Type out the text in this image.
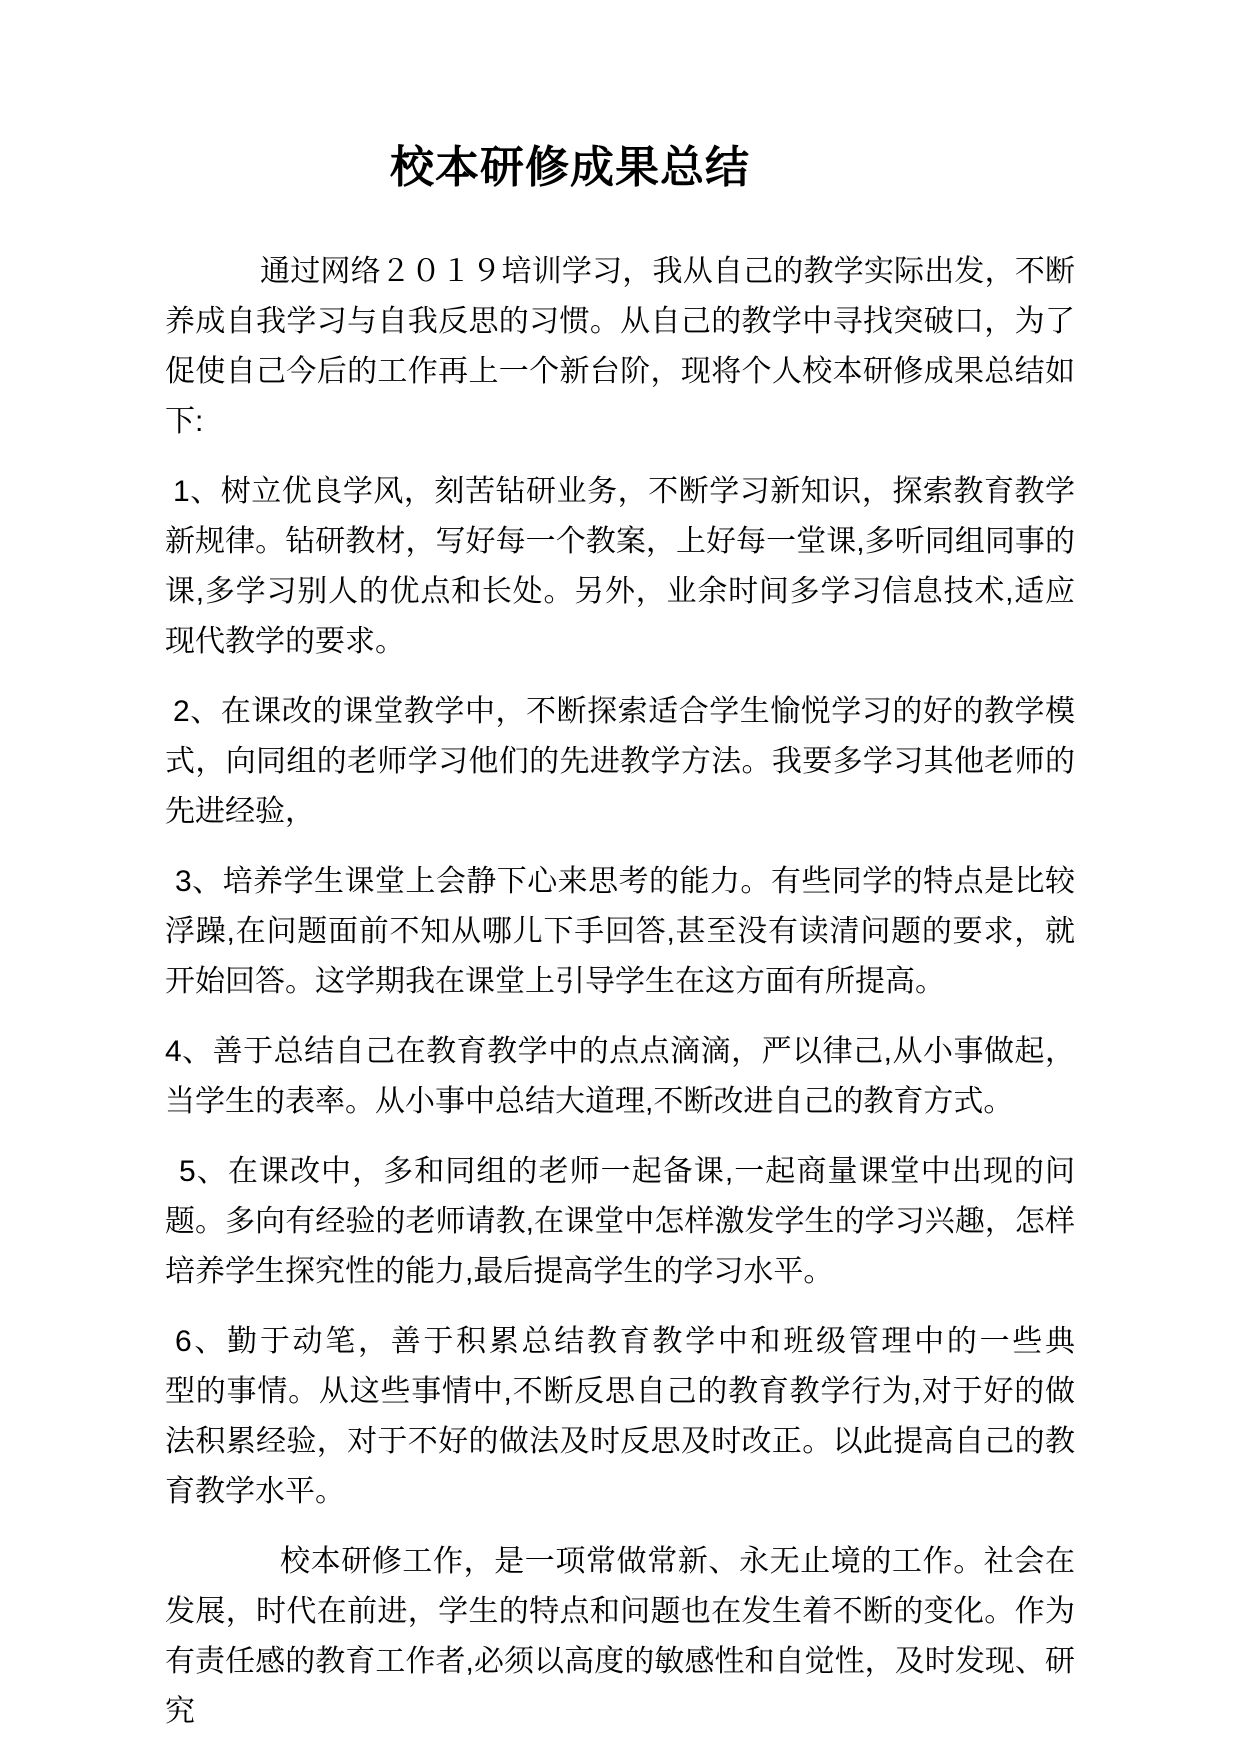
校本研修成果总结

通过网络２０１９培训学习，我从自己的教学实际出发，不断养成自我学习与自我反思的习惯。从自己的教学中寻找突破口，为了促使自己今后的工作再上一个新台阶，现将个人校本研修成果总结如下:

1、树立优良学风，刻苦钻研业务，不断学习新知识，探索教育教学新规律。钻研教材，写好每一个教案，上好每一堂课,多听同组同事的课,多学习别人的优点和长处。另外，业余时间多学习信息技术,适应现代教学的要求。

2、在课改的课堂教学中，不断探索适合学生愉悦学习的好的教学模式，向同组的老师学习他们的先进教学方法。我要多学习其他老师的先进经验，

3、培养学生课堂上会静下心来思考的能力。有些同学的特点是比较浮躁,在问题面前不知从哪儿下手回答,甚至没有读清问题的要求，就开始回答。这学期我在课堂上引导学生在这方面有所提高。

4、善于总结自己在教育教学中的点点滴滴，严以律己,从小事做起，当学生的表率。从小事中总结大道理,不断改进自己的教育方式。

5、在课改中，多和同组的老师一起备课,一起商量课堂中出现的问题。多向有经验的老师请教,在课堂中怎样激发学生的学习兴趣，怎样培养学生探究性的能力,最后提高学生的学习水平。

6、勤于动笔，善于积累总结教育教学中和班级管理中的一些典　　型的事情。从这些事情中,不断反思自己的教育教学行为,对于好的做法积累经验，对于不好的做法及时反思及时改正。以此提高自己的教育教学水平。

校本研修工作，是一项常做常新、永无止境的工作。社会在发展，时代在前进，学生的特点和问题也在发生着不断的变化。作为有责任感的教育工作者,必须以高度的敏感性和自觉性，及时发现、研究
